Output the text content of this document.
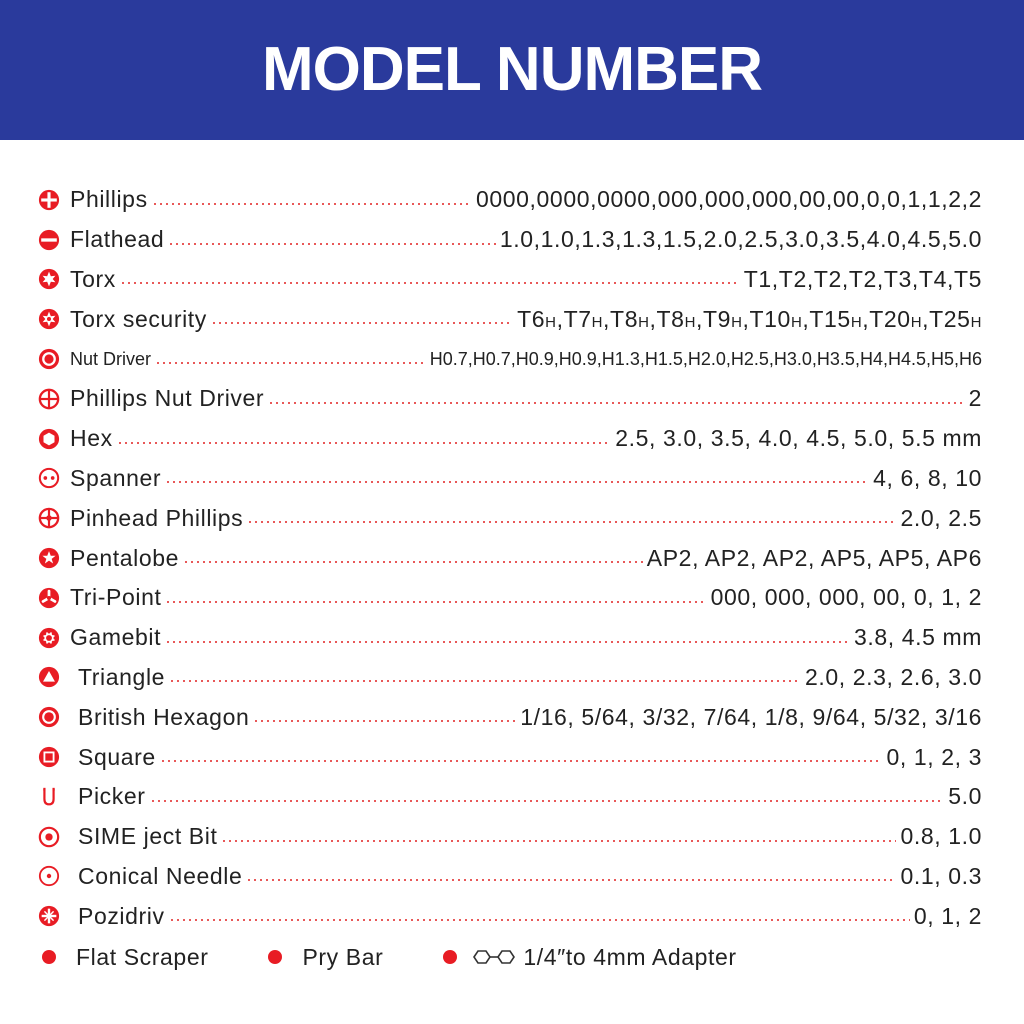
MODEL NUMBER
Phillips	0000,0000,0000,000,000,000,00,00,0,0,1,1,2,2
Flathead	1.0,1.0,1.3,1.3,1.5,2.0,2.5,3.0,3.5,4.0,4.5,5.0
Torx	T1,T2,T2,T2,T3,T4,T5
Torx security	T6H,T7H,T8H,T8H,T9H,T10H,T15H,T20H,T25H
Nut Driver	H0.7,H0.7,H0.9,H0.9,H1.3,H1.5,H2.0,H2.5,H3.0,H3.5,H4,H4.5,H5,H6
Phillips Nut Driver	2
Hex	2.5, 3.0, 3.5, 4.0, 4.5, 5.0, 5.5 mm
Spanner	4, 6, 8, 10
Pinhead Phillips	2.0, 2.5
Pentalobe	AP2, AP2, AP2, AP5, AP5, AP6
Tri-Point	000, 000, 000, 00, 0, 1, 2
Gamebit	3.8, 4.5 mm
Triangle	2.0, 2.3, 2.6, 3.0
British Hexagon	1/16, 5/64, 3/32, 7/64, 1/8, 9/64, 5/32, 3/16
Square	0, 1, 2, 3
Picker	5.0
SIME ject Bit	0.8, 1.0
Conical Needle	0.1, 0.3
Pozidriv	0, 1, 2
Flat Scraper	Pry Bar	1/4″to 4mm Adapter
